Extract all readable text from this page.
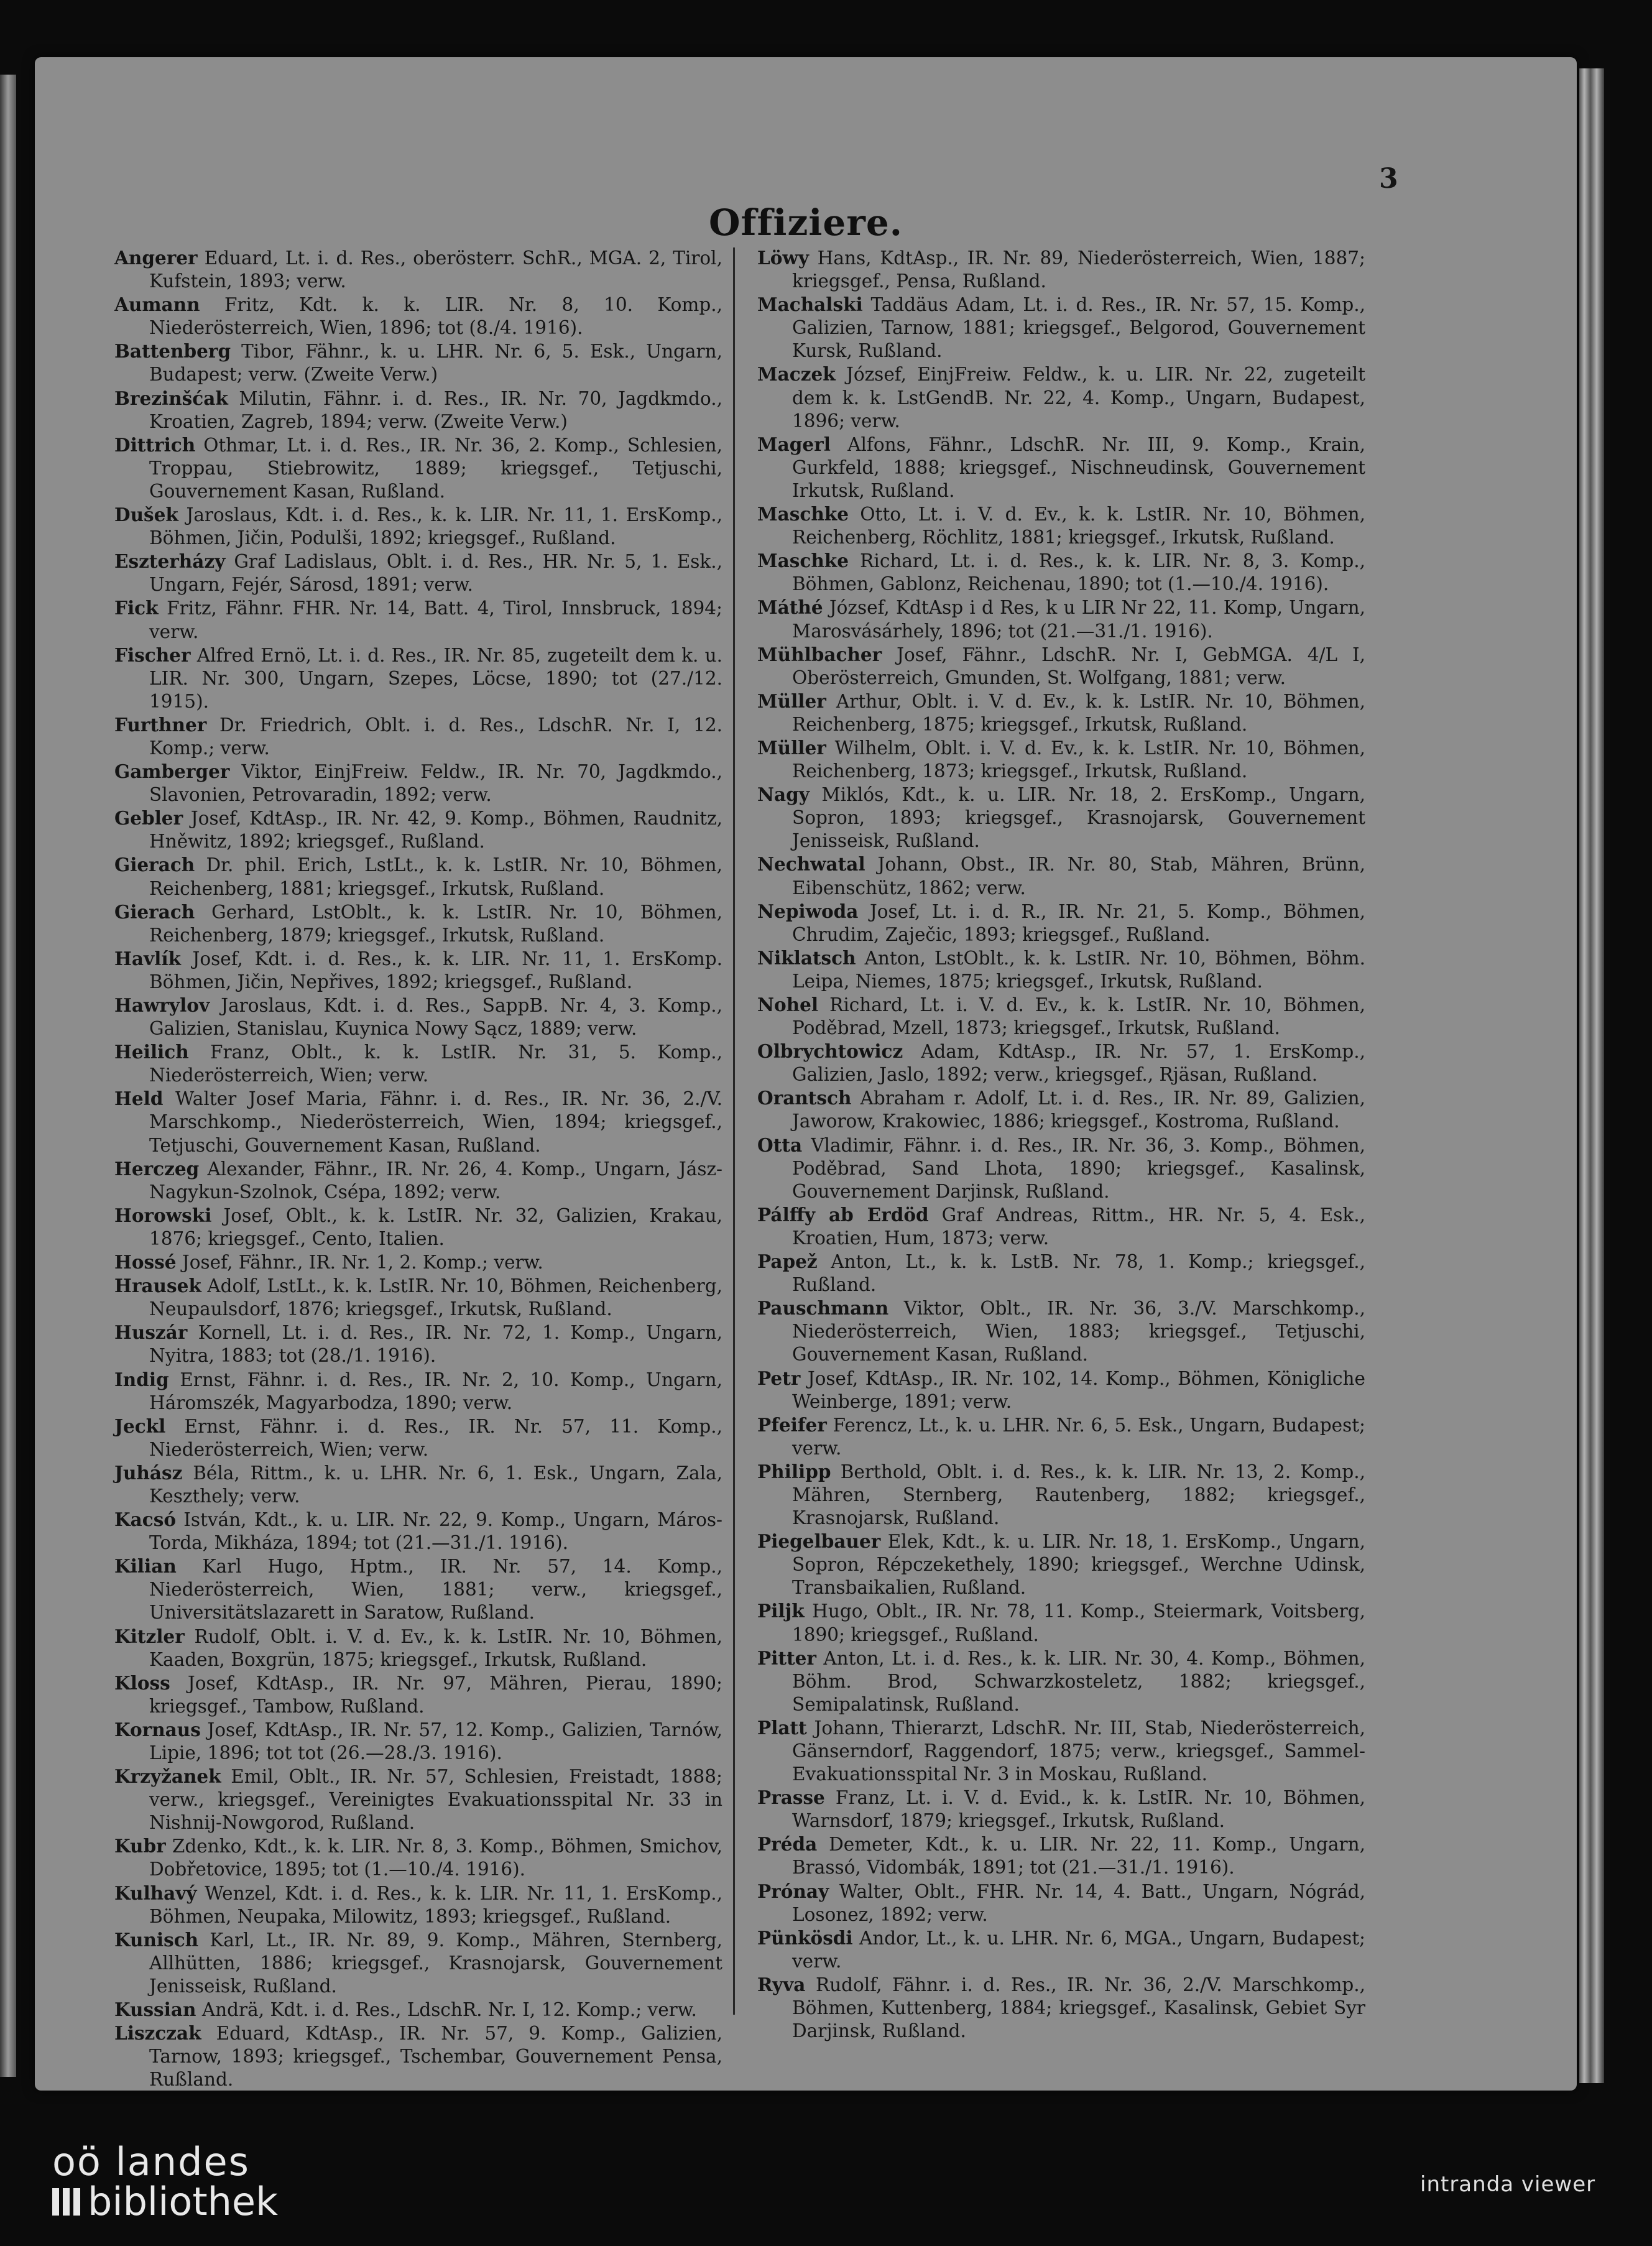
3
Offiziere.

Angerer Eduard, Lt. i. d. Res., oberösterr. SchR., MGA. 2, Tirol, Kufstein, 1893; verw.

Aumann Fritz, Kdt. k. k. LIR. Nr. 8, 10. Komp., Niederösterreich, Wien, 1896; tot (8./4. 1916).

Battenberg Tibor, Fähnr., k. u. LHR. Nr. 6, 5. Esk., Ungarn, Budapest; verw. (Zweite Verw.)

Brezinšćak Milutin, Fähnr. i. d. Res., IR. Nr. 70, Jagdkmdo., Kroatien, Zagreb, 1894; verw. (Zweite Verw.)

Dittrich Othmar, Lt. i. d. Res., IR. Nr. 36, 2. Komp., Schlesien, Troppau, Stiebrowitz, 1889; kriegsgef., Tetjuschi, Gouvernement Kasan, Rußland.

Dušek Jaroslaus, Kdt. i. d. Res., k. k. LIR. Nr. 11, 1. ErsKomp., Böhmen, Jičin, Podulši, 1892; kriegsgef., Rußland.

Eszterházy Graf Ladislaus, Oblt. i. d. Res., HR. Nr. 5, 1. Esk., Ungarn, Fejér, Sárosd, 1891; verw.

Fick Fritz, Fähnr. FHR. Nr. 14, Batt. 4, Tirol, Innsbruck, 1894; verw.

Fischer Alfred Ernö, Lt. i. d. Res., IR. Nr. 85, zugeteilt dem k. u. LIR. Nr. 300, Ungarn, Szepes, Löcse, 1890; tot (27./12. 1915).

Furthner Dr. Friedrich, Oblt. i. d. Res., LdschR. Nr. I, 12. Komp.; verw.

Gamberger Viktor, EinjFreiw. Feldw., IR. Nr. 70, Jagdkmdo., Slavonien, Petrovaradin, 1892; verw.

Gebler Josef, KdtAsp., IR. Nr. 42, 9. Komp., Böhmen, Raudnitz, Hněwitz, 1892; kriegsgef., Rußland.

Gierach Dr. phil. Erich, LstLt., k. k. LstIR. Nr. 10, Böhmen, Reichenberg, 1881; kriegsgef., Irkutsk, Rußland.

Gierach Gerhard, LstOblt., k. k. LstIR. Nr. 10, Böhmen, Reichenberg, 1879; kriegsgef., Irkutsk, Rußland.

Havlík Josef, Kdt. i. d. Res., k. k. LIR. Nr. 11, 1. ErsKomp. Böhmen, Jičin, Nepřives, 1892; kriegsgef., Rußland.

Hawrylov Jaroslaus, Kdt. i. d. Res., SappB. Nr. 4, 3. Komp., Galizien, Stanislau, Kuynica Nowy Sącz, 1889; verw.

Heilich Franz, Oblt., k. k. LstIR. Nr. 31, 5. Komp., Niederösterreich, Wien; verw.

Held Walter Josef Maria, Fähnr. i. d. Res., IR. Nr. 36, 2./V. Marschkomp., Niederösterreich, Wien, 1894; kriegsgef., Tetjuschi, Gouvernement Kasan, Rußland.

Herczeg Alexander, Fähnr., IR. Nr. 26, 4. Komp., Ungarn, Jász-Nagykun-Szolnok, Csépa, 1892; verw.

Horowski Josef, Oblt., k. k. LstIR. Nr. 32, Galizien, Krakau, 1876; kriegsgef., Cento, Italien.

Hossé Josef, Fähnr., IR. Nr. 1, 2. Komp.; verw.

Hrausek Adolf, LstLt., k. k. LstIR. Nr. 10, Böhmen, Reichenberg, Neupaulsdorf, 1876; kriegsgef., Irkutsk, Rußland.

Huszár Kornell, Lt. i. d. Res., IR. Nr. 72, 1. Komp., Ungarn, Nyitra, 1883; tot (28./1. 1916).

Indig Ernst, Fähnr. i. d. Res., IR. Nr. 2, 10. Komp., Ungarn, Háromszék, Magyarbodza, 1890; verw.

Jeckl Ernst, Fähnr. i. d. Res., IR. Nr. 57, 11. Komp., Niederösterreich, Wien; verw.

Juhász Béla, Rittm., k. u. LHR. Nr. 6, 1. Esk., Ungarn, Zala, Keszthely; verw.

Kacsó István, Kdt., k. u. LIR. Nr. 22, 9. Komp., Ungarn, Máros-Torda, Mikháza, 1894; tot (21.—31./1. 1916).

Kilian Karl Hugo, Hptm., IR. Nr. 57, 14. Komp., Niederösterreich, Wien, 1881; verw., kriegsgef., Universitätslazarett in Saratow, Rußland.

Kitzler Rudolf, Oblt. i. V. d. Ev., k. k. LstIR. Nr. 10, Böhmen, Kaaden, Boxgrün, 1875; kriegsgef., Irkutsk, Rußland.

Kloss Josef, KdtAsp., IR. Nr. 97, Mähren, Pierau, 1890; kriegsgef., Tambow, Rußland.

Kornaus Josef, KdtAsp., IR. Nr. 57, 12. Komp., Galizien, Tarnów, Lipie, 1896; tot tot (26.—28./3. 1916).

Krzyžanek Emil, Oblt., IR. Nr. 57, Schlesien, Freistadt, 1888; verw., kriegsgef., Vereinigtes Evakuationsspital Nr. 33 in Nishnij-Nowgorod, Rußland.

Kubr Zdenko, Kdt., k. k. LIR. Nr. 8, 3. Komp., Böhmen, Smichov, Dobřetovice, 1895; tot (1.—10./4. 1916).

Kulhavý Wenzel, Kdt. i. d. Res., k. k. LIR. Nr. 11, 1. ErsKomp., Böhmen, Neupaka, Milowitz, 1893; kriegsgef., Rußland.

Kunisch Karl, Lt., IR. Nr. 89, 9. Komp., Mähren, Sternberg, Allhütten, 1886; kriegsgef., Krasnojarsk, Gouvernement Jenisseisk, Rußland.

Kussian Andrä, Kdt. i. d. Res., LdschR. Nr. I, 12. Komp.; verw.

Liszczak Eduard, KdtAsp., IR. Nr. 57, 9. Komp., Galizien, Tarnow, 1893; kriegsgef., Tschembar, Gouvernement Pensa, Rußland.

Löwy Hans, KdtAsp., IR. Nr. 89, Niederösterreich, Wien, 1887; kriegsgef., Pensa, Rußland.

Machalski Taddäus Adam, Lt. i. d. Res., IR. Nr. 57, 15. Komp., Galizien, Tarnow, 1881; kriegsgef., Belgorod, Gouvernement Kursk, Rußland.

Maczek József, EinjFreiw. Feldw., k. u. LIR. Nr. 22, zugeteilt dem k. k. LstGendB. Nr. 22, 4. Komp., Ungarn, Budapest, 1896; verw.

Magerl Alfons, Fähnr., LdschR. Nr. III, 9. Komp., Krain, Gurkfeld, 1888; kriegsgef., Nischneudinsk, Gouvernement Irkutsk, Rußland.

Maschke Otto, Lt. i. V. d. Ev., k. k. LstIR. Nr. 10, Böhmen, Reichenberg, Röchlitz, 1881; kriegsgef., Irkutsk, Rußland.

Maschke Richard, Lt. i. d. Res., k. k. LIR. Nr. 8, 3. Komp., Böhmen, Gablonz, Reichenau, 1890; tot (1.—10./4. 1916).

Máthé József, KdtAsp i d Res, k u LIR Nr 22, 11. Komp, Ungarn, Marosvásárhely, 1896; tot (21.—31./1. 1916).

Mühlbacher Josef, Fähnr., LdschR. Nr. I, GebMGA. 4/L I, Oberösterreich, Gmunden, St. Wolfgang, 1881; verw.

Müller Arthur, Oblt. i. V. d. Ev., k. k. LstIR. Nr. 10, Böhmen, Reichenberg, 1875; kriegsgef., Irkutsk, Rußland.

Müller Wilhelm, Oblt. i. V. d. Ev., k. k. LstIR. Nr. 10, Böhmen, Reichenberg, 1873; kriegsgef., Irkutsk, Rußland.

Nagy Miklós, Kdt., k. u. LIR. Nr. 18, 2. ErsKomp., Ungarn, Sopron, 1893; kriegsgef., Krasnojarsk, Gouvernement Jenisseisk, Rußland.

Nechwatal Johann, Obst., IR. Nr. 80, Stab, Mähren, Brünn, Eibenschütz, 1862; verw.

Nepiwoda Josef, Lt. i. d. R., IR. Nr. 21, 5. Komp., Böhmen, Chrudim, Zaječic, 1893; kriegsgef., Rußland.

Niklatsch Anton, LstOblt., k. k. LstIR. Nr. 10, Böhmen, Böhm. Leipa, Niemes, 1875; kriegsgef., Irkutsk, Rußland.

Nohel Richard, Lt. i. V. d. Ev., k. k. LstIR. Nr. 10, Böhmen, Poděbrad, Mzell, 1873; kriegsgef., Irkutsk, Rußland.

Olbrychtowicz Adam, KdtAsp., IR. Nr. 57, 1. ErsKomp., Galizien, Jaslo, 1892; verw., kriegsgef., Rjäsan, Rußland.

Orantsch Abraham r. Adolf, Lt. i. d. Res., IR. Nr. 89, Galizien, Jaworow, Krakowiec, 1886; kriegsgef., Kostroma, Rußland.

Otta Vladimir, Fähnr. i. d. Res., IR. Nr. 36, 3. Komp., Böhmen, Poděbrad, Sand Lhota, 1890; kriegsgef., Kasalinsk, Gouvernement Darjinsk, Rußland.

Pálffy ab Erdöd Graf Andreas, Rittm., HR. Nr. 5, 4. Esk., Kroatien, Hum, 1873; verw.

Papež Anton, Lt., k. k. LstB. Nr. 78, 1. Komp.; kriegsgef., Rußland.

Pauschmann Viktor, Oblt., IR. Nr. 36, 3./V. Marschkomp., Niederösterreich, Wien, 1883; kriegsgef., Tetjuschi, Gouvernement Kasan, Rußland.

Petr Josef, KdtAsp., IR. Nr. 102, 14. Komp., Böhmen, Königliche Weinberge, 1891; verw.

Pfeifer Ferencz, Lt., k. u. LHR. Nr. 6, 5. Esk., Ungarn, Budapest; verw.

Philipp Berthold, Oblt. i. d. Res., k. k. LIR. Nr. 13, 2. Komp., Mähren, Sternberg, Rautenberg, 1882; kriegsgef., Krasnojarsk, Rußland.

Piegelbauer Elek, Kdt., k. u. LIR. Nr. 18, 1. ErsKomp., Ungarn, Sopron, Répczekethely, 1890; kriegsgef., Werchne Udinsk, Transbaikalien, Rußland.

Piljk Hugo, Oblt., IR. Nr. 78, 11. Komp., Steiermark, Voitsberg, 1890; kriegsgef., Rußland.

Pitter Anton, Lt. i. d. Res., k. k. LIR. Nr. 30, 4. Komp., Böhmen, Böhm. Brod, Schwarzkosteletz, 1882; kriegsgef., Semipalatinsk, Rußland.

Platt Johann, Thierarzt, LdschR. Nr. III, Stab, Niederösterreich, Gänserndorf, Raggendorf, 1875; verw., kriegsgef., Sammel-Evakuationsspital Nr. 3 in Moskau, Rußland.

Prasse Franz, Lt. i. V. d. Evid., k. k. LstIR. Nr. 10, Böhmen, Warnsdorf, 1879; kriegsgef., Irkutsk, Rußland.

Préda Demeter, Kdt., k. u. LIR. Nr. 22, 11. Komp., Ungarn, Brassó, Vidombák, 1891; tot (21.—31./1. 1916).

Prónay Walter, Oblt., FHR. Nr. 14, 4. Batt., Ungarn, Nógrád, Losonez, 1892; verw.

Pünkösdi Andor, Lt., k. u. LHR. Nr. 6, MGA., Ungarn, Budapest; verw.

Ryva Rudolf, Fähnr. i. d. Res., IR. Nr. 36, 2./V. Marschkomp., Böhmen, Kuttenberg, 1884; kriegsgef., Kasalinsk, Gebiet Syr Darjinsk, Rußland.

oö landes
bibliothek	intranda viewer
